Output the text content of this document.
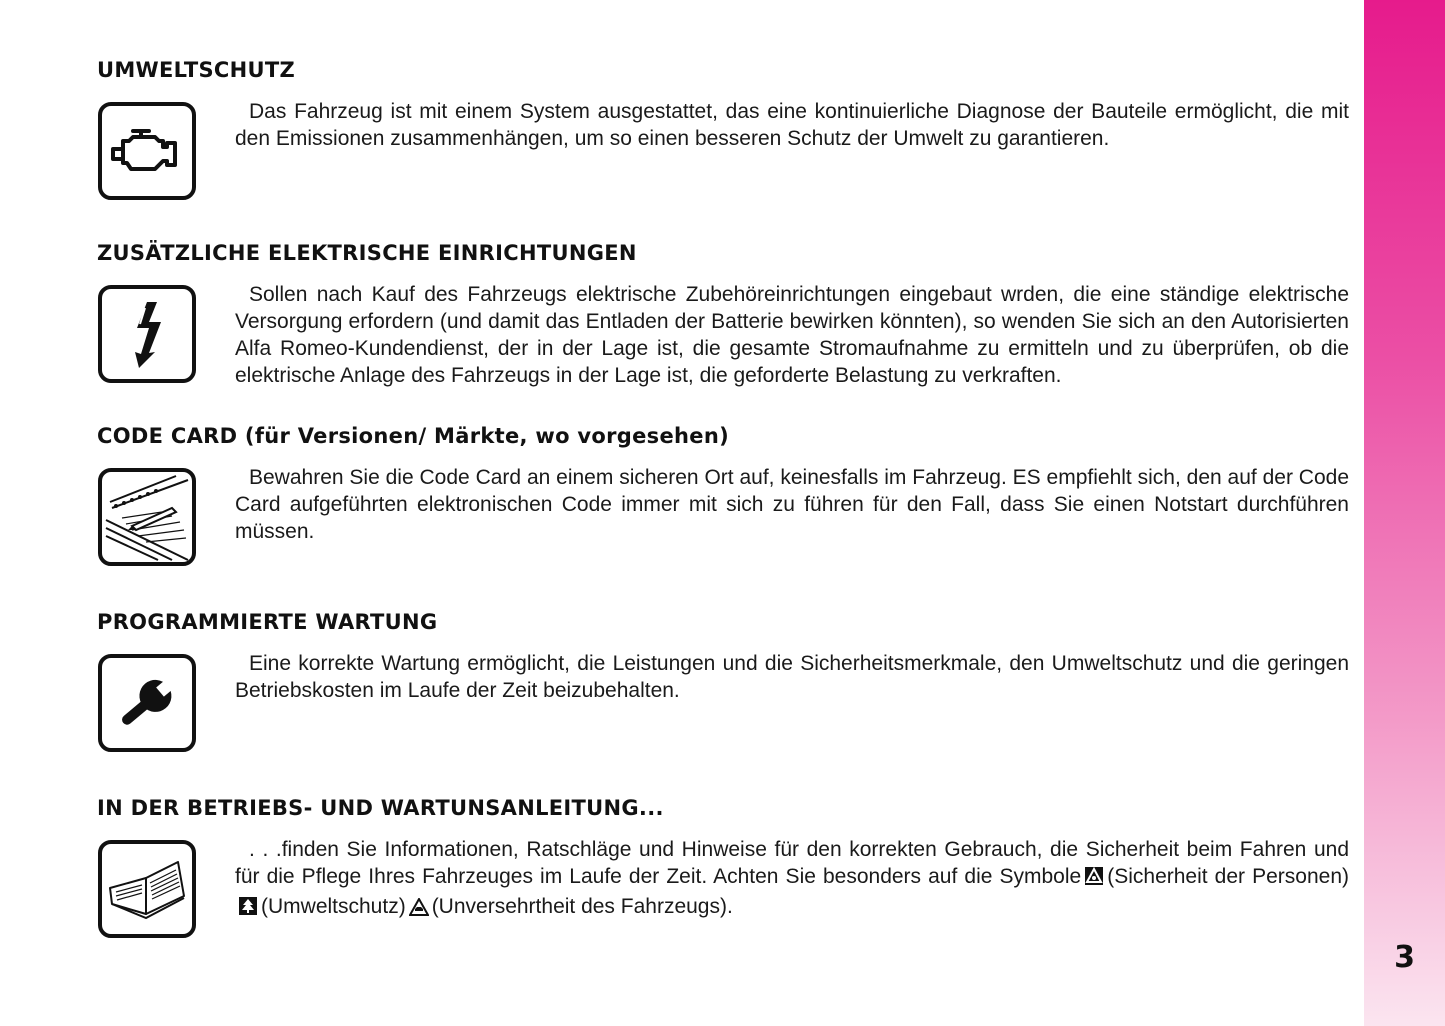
3
UMWELTSCHUTZ

Das Fahrzeug ist mit einem System ausgestattet, das eine kontinuierliche Diagnose der Bauteile ermöglicht, die mit den Emissionen zusammenhängen, um so einen besseren Schutz der Umwelt zu garantieren.

ZUSÄTZLICHE ELEKTRISCHE EINRICHTUNGEN

Sollen nach Kauf des Fahrzeugs elektrische Zubehöreinrichtungen eingebaut wrden, die eine ständige elektrische Versorgung erfordern (und damit das Entladen der Batterie bewirken könnten), so wenden Sie sich an den Autorisierten Alfa Romeo-Kundendienst, der in der Lage ist, die gesamte Stromaufnahme zu ermitteln und zu überprüfen, ob die elektrische Anlage des Fahrzeugs in der Lage ist, die geforderte Belastung zu verkraften.

CODE CARD (für Versionen/ Märkte, wo vorgesehen)

Bewahren Sie die Code Card an einem sicheren Ort auf, keinesfalls im Fahrzeug. ES empfiehlt sich, den auf der Code Card aufgeführten elektronischen Code immer mit sich zu führen für den Fall, dass Sie einen Notstart durchführen müssen.

PROGRAMMIERTE WARTUNG

Eine korrekte Wartung ermöglicht, die Leistungen und die Sicherheitsmerkmale, den Umweltschutz und die geringen Betriebskosten im Laufe der Zeit beizubehalten.

IN DER BETRIEBS- UND WARTUNSANLEITUNG...

. . .finden Sie Informationen, Ratschläge und Hinweise für den korrekten Gebrauch, die Sicherheit beim Fahren und für die Pflege Ihres Fahrzeuges im Laufe der Zeit. Achten Sie besonders auf die Symbole (Sicherheit der Personen)(Umweltschutz) (Unversehrtheit des Fahrzeugs).
